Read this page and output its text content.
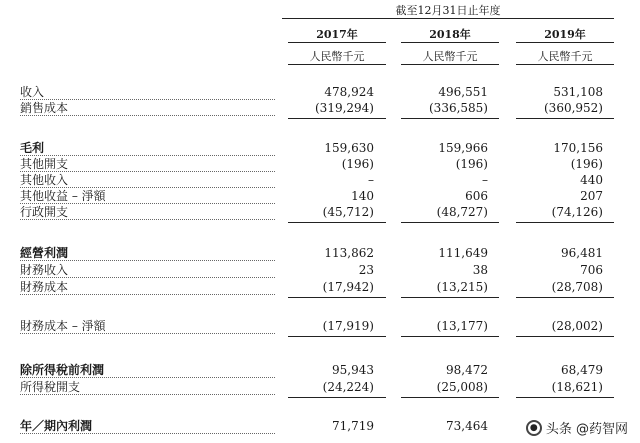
截至12月31日止年度
2017年	2018年	2019年
人民幣千元	人民幣千元	人民幣千元
收入	478,924	496,551	531,108
銷售成本	(319,294)	(336,585)	(360,952)
毛利	159,630	159,966	170,156
其他開支	(196)	(196)	(196)
其他收入	–	–	440
其他收益 – 淨額	140	606	207
行政開支	(45,712)	(48,727)	(74,126)
經營利潤	113,862	111,649	96,481
財務收入	23	38	706
財務成本	(17,942)	(13,215)	(28,708)
財務成本 – 淨額	(17,919)	(13,177)	(28,002)
除所得稅前利潤	95,943	98,472	68,479
所得稅開支	(24,224)	(25,008)	(18,621)
年／期內利潤	71,719	73,464	● 头条 @药智网
